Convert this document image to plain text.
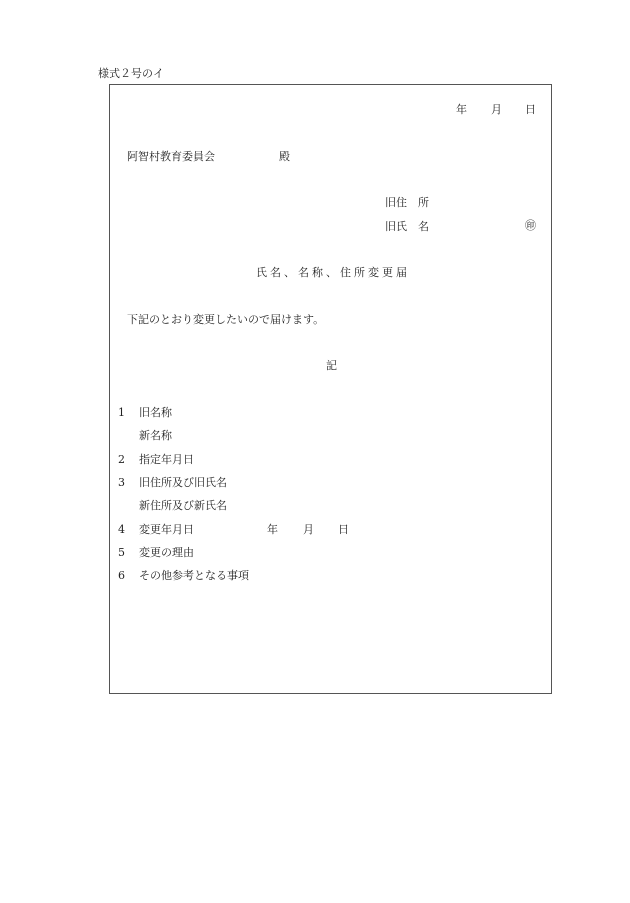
様式２号のイ
年 月 日
阿智村教育委員会	殿
旧住　所
旧氏　名	㊞
氏名、名称、住所変更届
下記のとおり変更したいので届けます。
記
1 旧名称
新名称
2 指定年月日
3 旧住所及び旧氏名
新住所及び新氏名
4 変更年月日	年 月 日
5 変更の理由
6 その他参考となる事項
